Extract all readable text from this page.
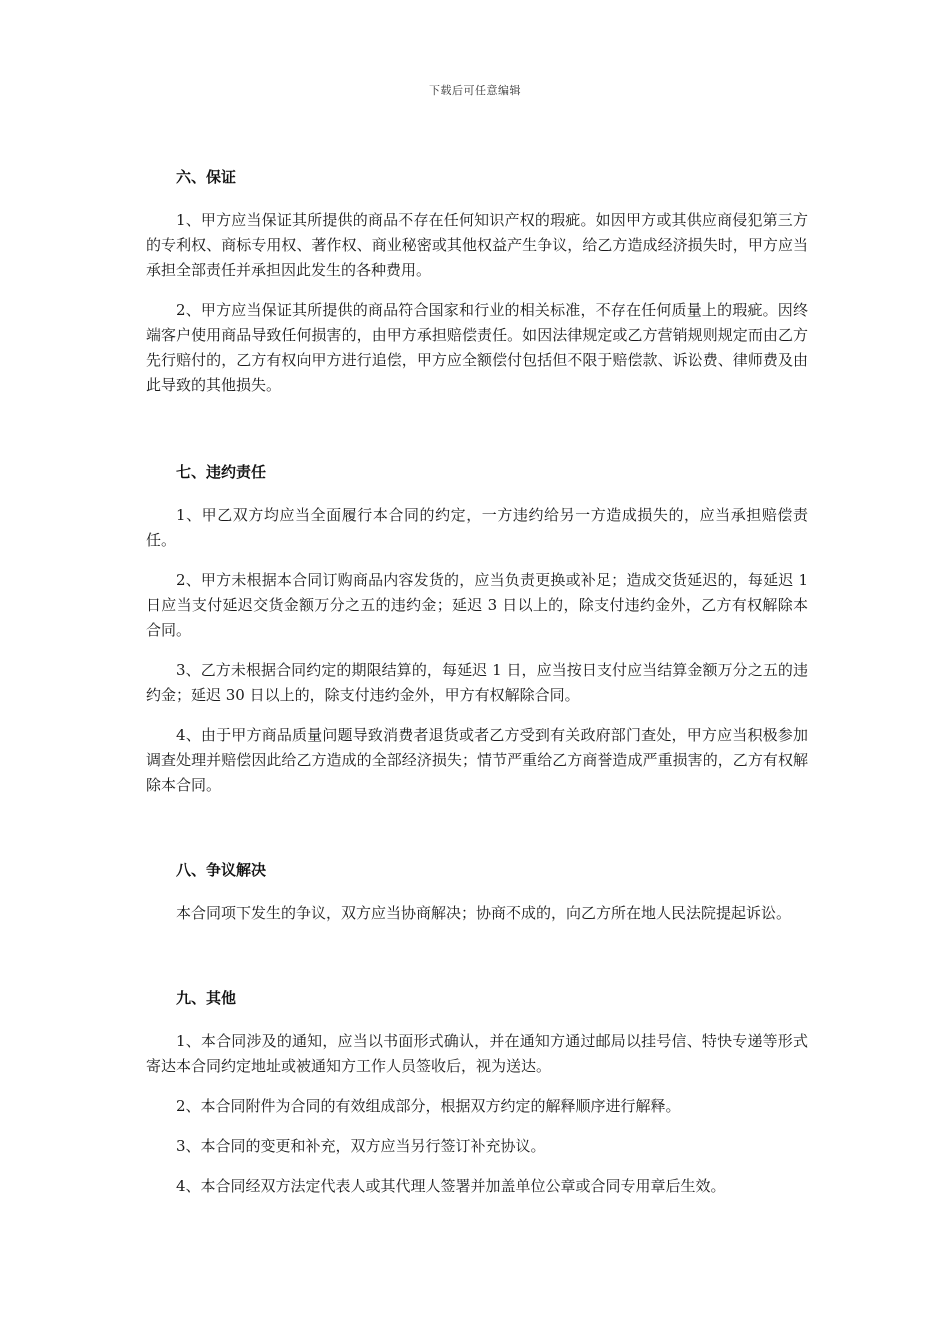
下载后可任意编辑
六、保证

1、甲方应当保证其所提供的商品不存在任何知识产权的瑕疵。如因甲方或其供应商侵犯第三方的专利权、商标专用权、著作权、商业秘密或其他权益产生争议，给乙方造成经济损失时，甲方应当承担全部责任并承担因此发生的各种费用。

2、甲方应当保证其所提供的商品符合国家和行业的相关标准，不存在任何质量上的瑕疵。因终端客户使用商品导致任何损害的，由甲方承担赔偿责任。如因法律规定或乙方营销规则规定而由乙方先行赔付的，乙方有权向甲方进行追偿，甲方应全额偿付包括但不限于赔偿款、诉讼费、律师费及由此导致的其他损失。

七、违约责任

1、甲乙双方均应当全面履行本合同的约定，一方违约给另一方造成损失的，应当承担赔偿责任。

2、甲方未根据本合同订购商品内容发货的，应当负责更换或补足；造成交货延迟的，每延迟 1 日应当支付延迟交货金额万分之五的违约金；延迟 3 日以上的，除支付违约金外，乙方有权解除本合同。

3、乙方未根据合同约定的期限结算的，每延迟 1 日，应当按日支付应当结算金额万分之五的违约金；延迟 30 日以上的，除支付违约金外，甲方有权解除合同。

4、由于甲方商品质量问题导致消费者退货或者乙方受到有关政府部门查处，甲方应当积极参加调查处理并赔偿因此给乙方造成的全部经济损失；情节严重给乙方商誉造成严重损害的，乙方有权解除本合同。

八、争议解决

本合同项下发生的争议，双方应当协商解决；协商不成的，向乙方所在地人民法院提起诉讼。

九、其他

1、本合同涉及的通知，应当以书面形式确认，并在通知方通过邮局以挂号信、特快专递等形式寄达本合同约定地址或被通知方工作人员签收后，视为送达。

2、本合同附件为合同的有效组成部分，根据双方约定的解释顺序进行解释。

3、本合同的变更和补充，双方应当另行签订补充协议。

4、本合同经双方法定代表人或其代理人签署并加盖单位公章或合同专用章后生效。
